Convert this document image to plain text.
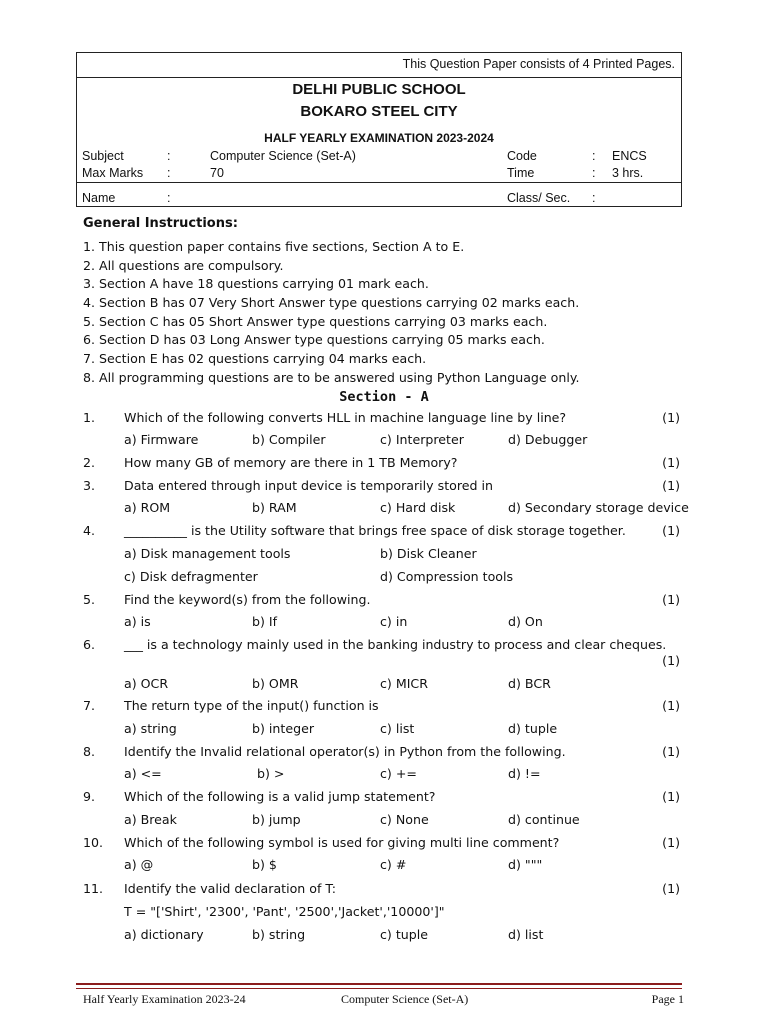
This Question Paper consists of 4 Printed Pages.
DELHI PUBLIC SCHOOL
BOKARO STEEL CITY
HALF YEARLY EXAMINATION 2023-2024
Subject	:	Computer Science (Set-A)	Code	: ENCS
Max Marks :	70	Time	: 3 hrs.
Name	:	Class/ Sec. :
General Instructions:
1. This question paper contains five sections, Section A to E.
2. All questions are compulsory.
3. Section A have 18 questions carrying 01 mark each.
4. Section B has 07 Very Short Answer type questions carrying 02 marks each.
5. Section C has 05 Short Answer type questions carrying 03 marks each.
6. Section D has 03 Long Answer type questions carrying 05 marks each.
7. Section E has 02 questions carrying 04 marks each.
8. All programming questions are to be answered using Python Language only.
Section - A
1. Which of the following converts HLL in machine language line by line?	(1)
a) Firmware	b) Compiler	c) Interpreter	d) Debugger
2. How many GB of memory are there in 1 TB Memory?	(1)
3. Data entered through input device is temporarily stored in	(1)
a) ROM	b) RAM	c) Hard disk	d) Secondary storage device
4. __________ is the Utility software that brings free space of disk storage together.	(1)
a) Disk management tools	b) Disk Cleaner
c) Disk defragmenter	d) Compression tools
5. Find the keyword(s) from the following.	(1)
a) is	b) If	c) in	d) On
6. ___ is a technology mainly used in the banking industry to process and clear cheques.
(1)
a) OCR	b) OMR	c) MICR	d) BCR
7. The return type of the input() function is	(1)
a) string	b) integer	c) list	d) tuple
8. Identify the Invalid relational operator(s) in Python from the following.	(1)
a) <=	b) >	c) +=	d) !=
9. Which of the following is a valid jump statement?	(1)
a) Break	b) jump	c) None	d) continue
10. Which of the following symbol is used for giving multi line comment?	(1)
a) @	b) $	c) #	d) """
11. Identify the valid declaration of T:	(1)
T = "['Shirt', '2300', 'Pant', '2500','Jacket','10000']"
a) dictionary	b) string	c) tuple	d) list
Half Yearly Examination 2023-24	Computer Science (Set-A)	Page 1
